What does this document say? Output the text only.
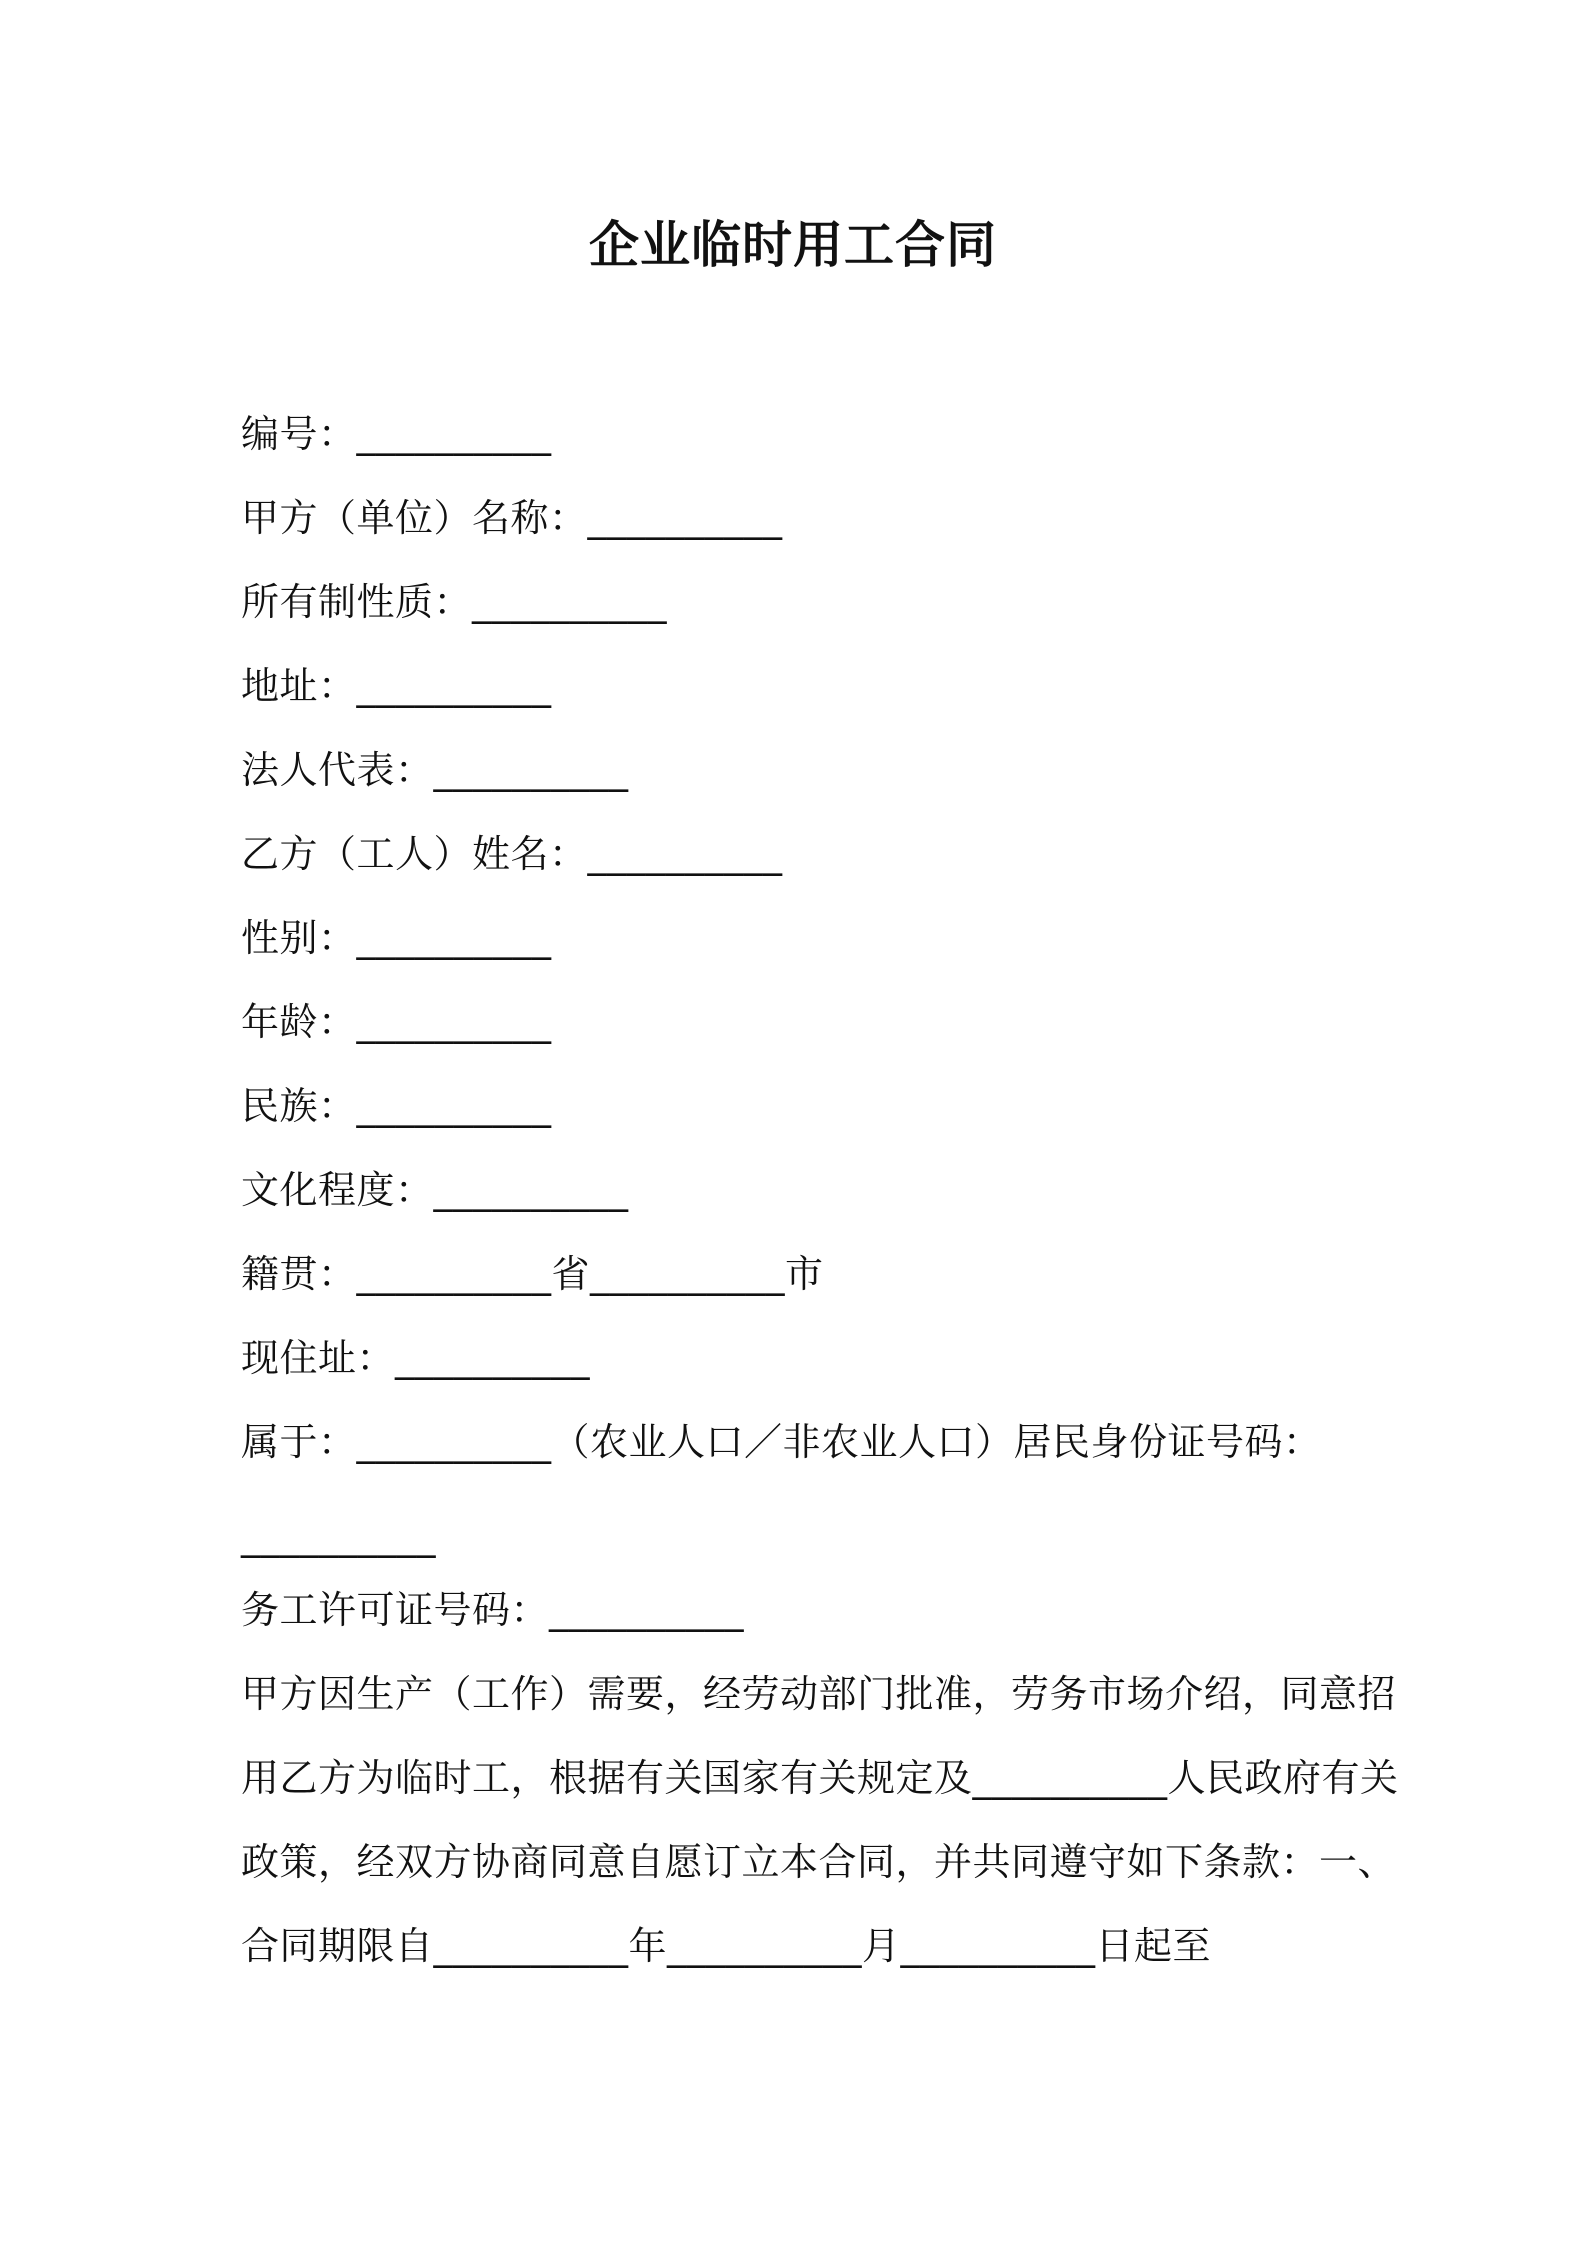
企业临时用工合同
编号：__________
甲方（单位）名称：__________
所有制性质：__________
地址：__________
法人代表：__________
乙方（工人）姓名：__________
性别：__________
年龄：__________
民族：__________
文化程度：__________
籍贯：__________省__________市
现住址：__________
属于：__________（农业人口／非农业人口）居民身份证号码：
__________
务工许可证号码：__________
甲方因生产（工作）需要，经劳动部门批准，劳务市场介绍，同意招
用乙方为临时工，根据有关国家有关规定及__________人民政府有关
政策，经双方协商同意自愿订立本合同，并共同遵守如下条款：一、
合同期限自__________年__________月__________日起至
